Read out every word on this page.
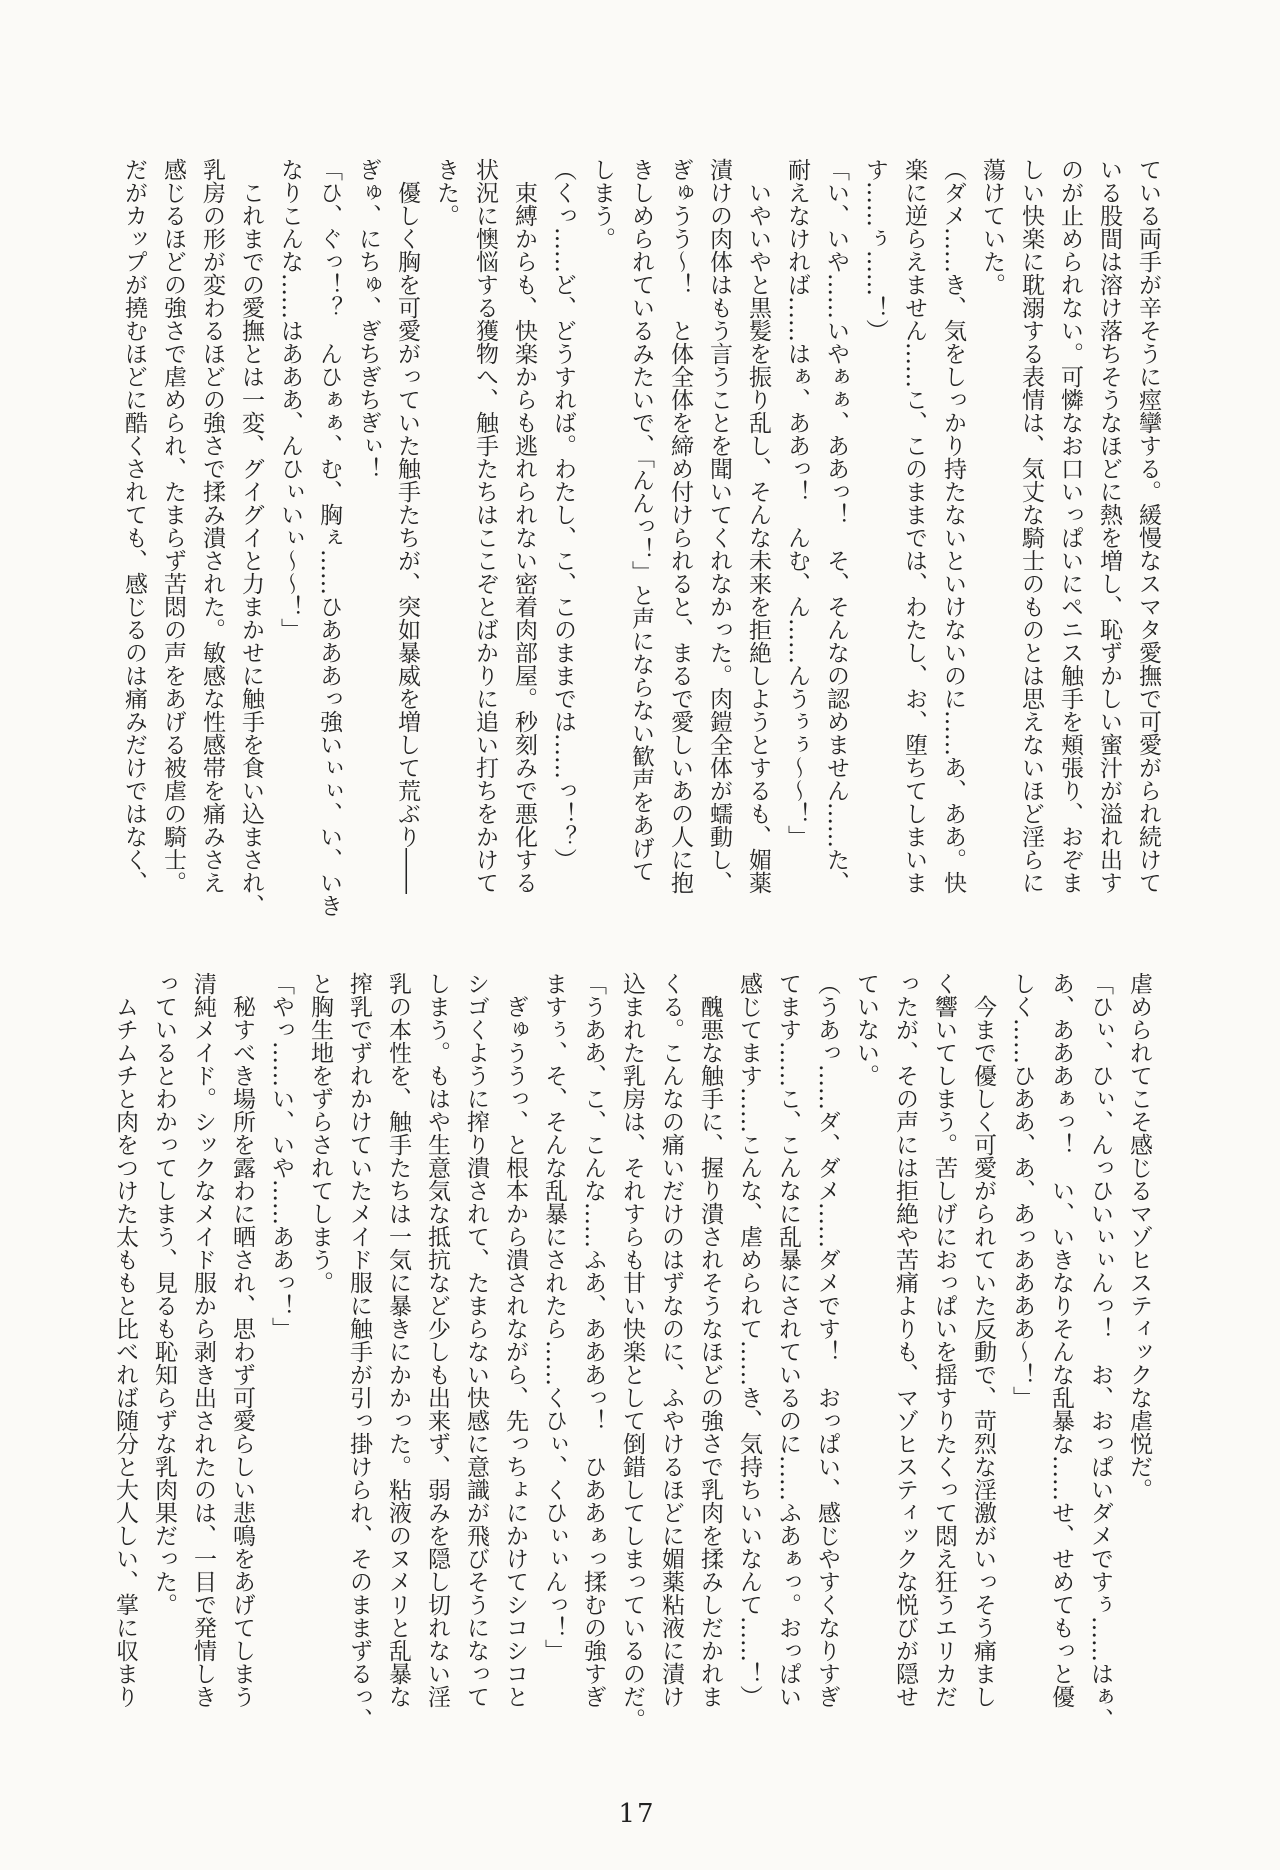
ている両手が辛そうに痙攣する。緩慢なスマタ愛撫で可愛がられ続けて

いる股間は溶け落ちそうなほどに熱を増し、恥ずかしい蜜汁が溢れ出す

のが止められない。可憐なお口いっぱいにペニス触手を頬張り、おぞま

しい快楽に耽溺する表情は、気丈な騎士のものとは思えないほど淫らに

蕩けていた。

（ダメ……き、気をしっかり持たないといけないのに……あ、ああ。快

楽に逆らえません……こ、このままでは、わたし、お、堕ちてしまいま

す……ぅ……！）

「い、いや……いやぁぁ、ああっ！　そ、そんなの認めません……た、

耐えなければ……はぁ、ああっ！　んむ、ん……んうぅぅ～～！」

いやいやと黒髪を振り乱し、そんな未来を拒絶しようとするも、媚薬

漬けの肉体はもう言うことを聞いてくれなかった。肉鎧全体が蠕動し、

ぎゅうう～！　と体全体を締め付けられると、まるで愛しいあの人に抱

きしめられているみたいで、「んんっ！」と声にならない歓声をあげて

しまう。

（くっ……ど、どうすれば。わたし、こ、このままでは……っ！？）

束縛からも、快楽からも逃れられない密着肉部屋。秒刻みで悪化する

状況に懊悩する獲物へ、触手たちはここぞとばかりに追い打ちをかけて

きた。

優しく胸を可愛がっていた触手たちが、突如暴威を増して荒ぶり――

ぎゅ、にちゅ、ぎちぎちぎぃ！

「ひ、ぐっ！？　んひぁぁ、む、胸ぇ……ひあああっ強いぃぃ、い、いき

なりこんな……はあああ、んひぃいぃ～～！」

これまでの愛撫とは一変、グイグイと力まかせに触手を食い込まされ、

乳房の形が変わるほどの強さで揉み潰された。敏感な性感帯を痛みさえ

感じるほどの強さで虐められ、たまらず苦悶の声をあげる被虐の騎士。

だがカップが撓むほどに酷くされても、感じるのは痛みだけではなく、

虐められてこそ感じるマゾヒスティックな虐悦だ。

「ひぃ、ひぃ、んっひいぃぃんっ！　お、おっぱいダメですぅ……はぁ、

あ、あああぁっ！　い、いきなりそんな乱暴な……せ、せめてもっと優

しく……ひああ、あ、あっああああ～！」

今まで優しく可愛がられていた反動で、苛烈な淫激がいっそう痛まし

く響いてしまう。苦しげにおっぱいを揺すりたくって悶え狂うエリカだ

ったが、その声には拒絶や苦痛よりも、マゾヒスティックな悦びが隠せ

ていない。

（うあっ……ダ、ダメ……ダメです！　おっぱい、感じやすくなりすぎ

てます……こ、こんなに乱暴にされているのに……ふあぁっ。おっぱい

感じてます……こんな、虐められて……き、気持ちいいなんて……！）

醜悪な触手に、握り潰されそうなほどの強さで乳肉を揉みしだかれま

くる。こんなの痛いだけのはずなのに、ふやけるほどに媚薬粘液に漬け

込まれた乳房は、それすらも甘い快楽として倒錯してしまっているのだ。

「うああ、こ、こんな……ふあ、あああっ！　ひああぁっ揉むの強すぎ

ますぅ、そ、そんな乱暴にされたら……くひぃ、くひぃぃんっ！」

ぎゅううっ、と根本から潰されながら、先っちょにかけてシコシコと

シゴくように搾り潰されて、たまらない快感に意識が飛びそうになって

しまう。もはや生意気な抵抗など少しも出来ず、弱みを隠し切れない淫

乳の本性を、触手たちは一気に暴きにかかった。粘液のヌメリと乱暴な

搾乳でずれかけていたメイド服に触手が引っ掛けられ、そのままずるっ、

と胸生地をずらされてしまう。

「やっ……い、いや……ああっ！」

秘すべき場所を露わに晒され、思わず可愛らしい悲鳴をあげてしまう

清純メイド。シックなメイド服から剥き出されたのは、一目で発情しき

っているとわかってしまう、見るも恥知らずな乳肉果だった。

ムチムチと肉をつけた太ももと比べれば随分と大人しい、掌に収まり

17
